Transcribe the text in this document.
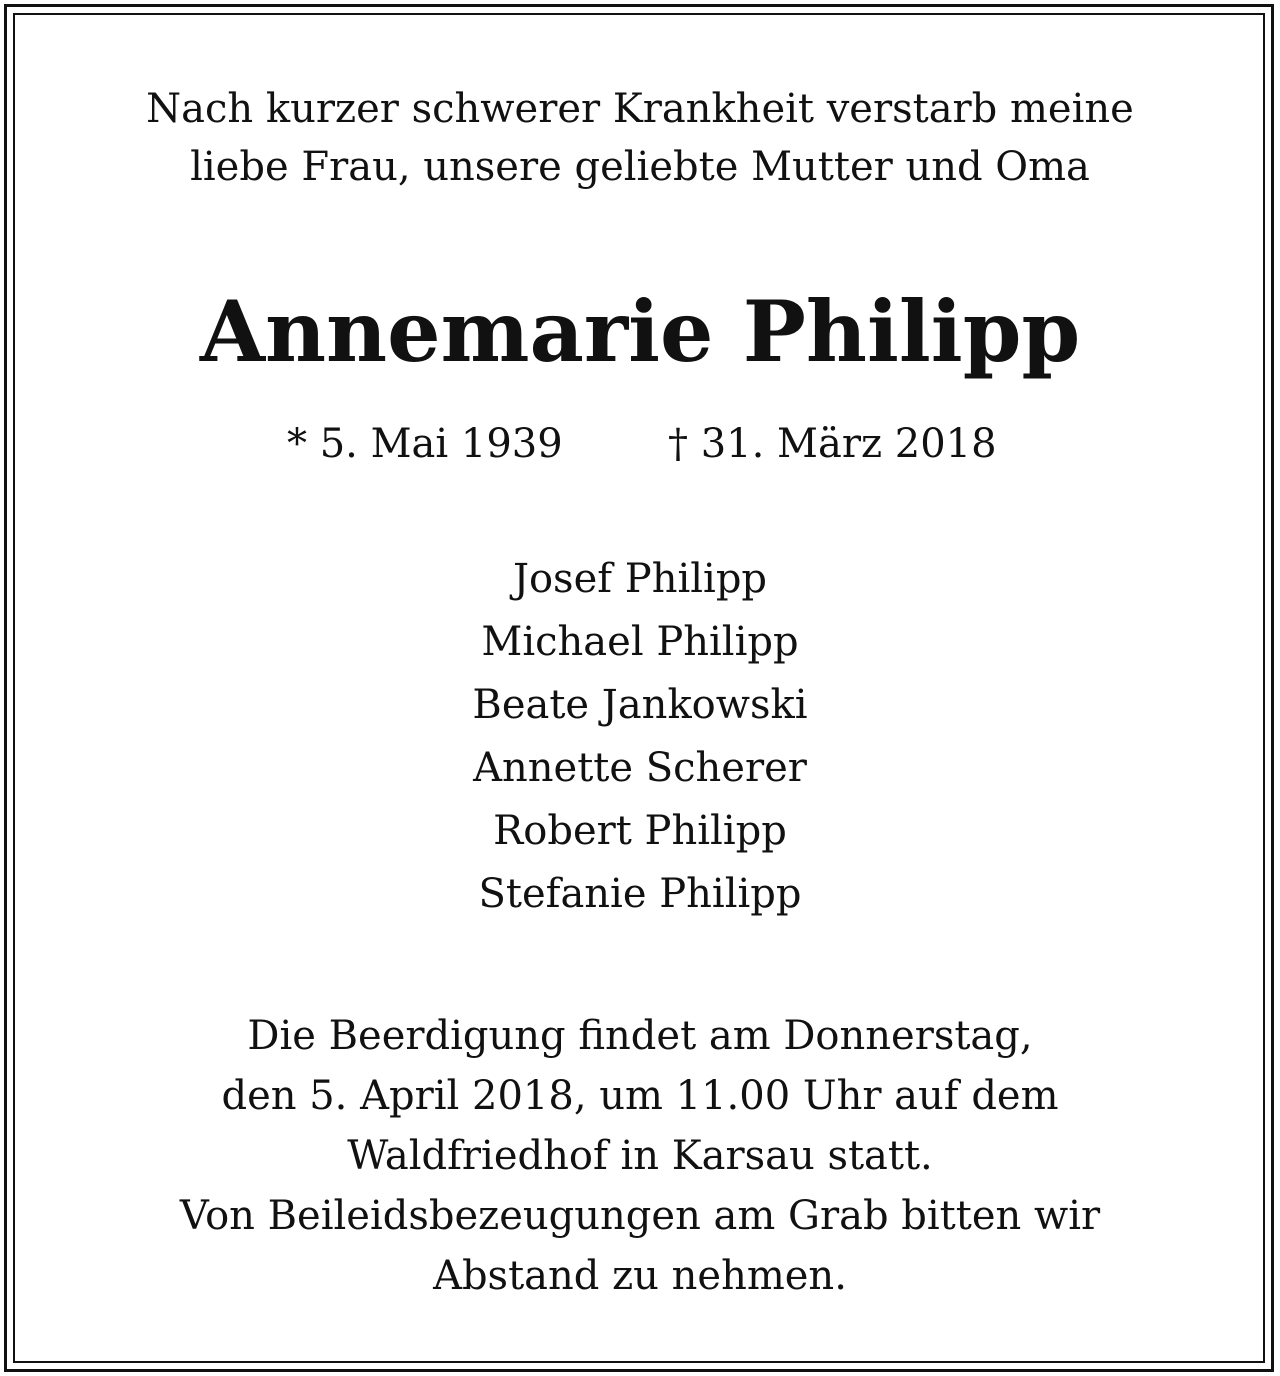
Nach kurzer schwerer Krankheit verstarb meine
liebe Frau, unsere geliebte Mutter und Oma
Annemarie Philipp
* 5. Mai 1939	† 31. März 2018
Josef Philipp
Michael Philipp
Beate Jankowski
Annette Scherer
Robert Philipp
Stefanie Philipp
Die Beerdigung findet am Donnerstag,
den 5. April 2018, um 11.00 Uhr auf dem
Waldfriedhof in Karsau statt.
Von Beileidsbezeugungen am Grab bitten wir
Abstand zu nehmen.
